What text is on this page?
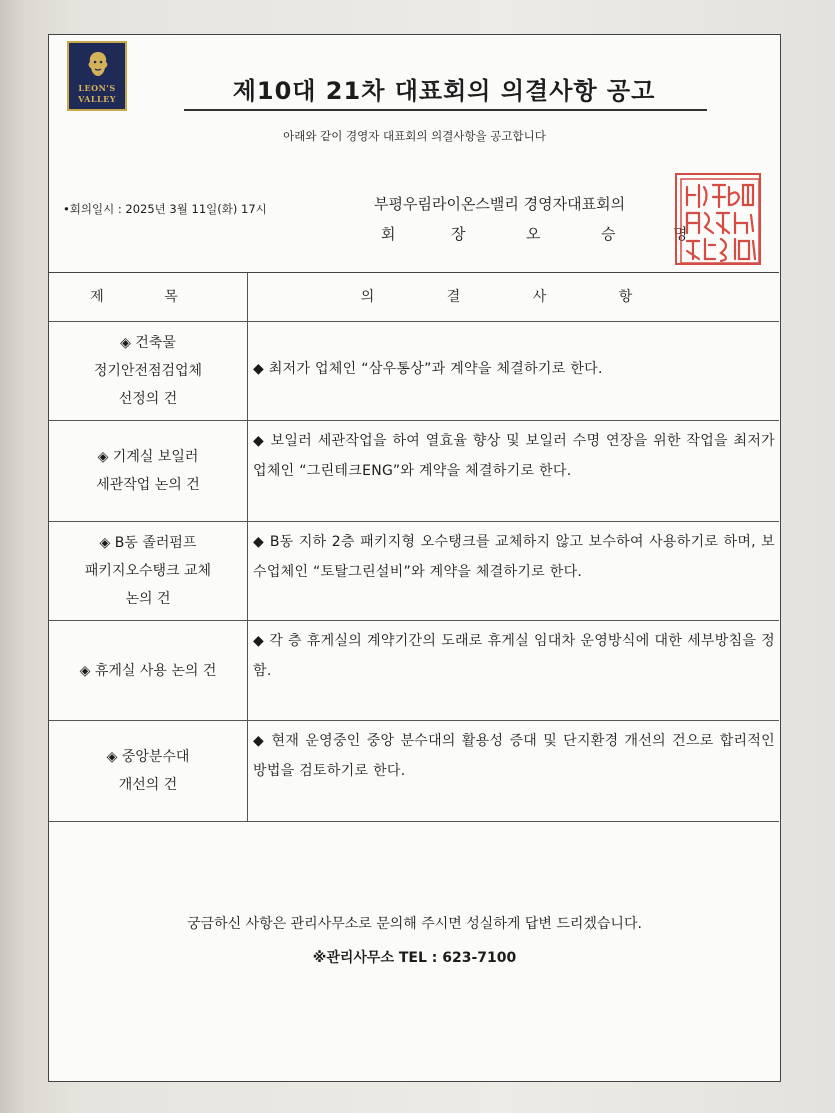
LEON'S
VALLEY	제10대 21차 대표회의 의결사항 공고
아래와 같이 경영자 대표회의 의결사항을 공고합니다
•회의일시 : 2025년 3월 11일(화) 17시	부평우림라이온스밸리 경영자대표회의
회	장	오	승	명
제 목	의 결 사 항
◈ 건축물
정기안전점검업체
선정의 건
◆ 최저가 업체인 “삼우통상”과 계약을 체결하기로 한다.
◈ 기계실 보일러
세관작업 논의 건
◆ 보일러 세관작업을 하여 열효율 향상 및 보일러 수명 연장을 위한 작업을 최저가 업체인 “그린테크ENG”와 계약을 체결하기로 한다.
◈ B동 졸러펌프
패키지오수탱크 교체
논의 건
◆ B동 지하 2층 패키지형 오수탱크를 교체하지 않고 보수하여 사용하기로 하며, 보수업체인 “토탈그린설비”와 계약을 체결하기로 한다.
◈ 휴게실 사용 논의 건
◆ 각 층 휴게실의 계약기간의 도래로 휴게실 임대차 운영방식에 대한 세부방침을 정함.
◈ 중앙분수대
개선의 건
◆ 현재 운영중인 중앙 분수대의 활용성 증대 및 단지환경 개선의 건으로 합리적인 방법을 검토하기로 한다.
궁금하신 사항은 관리사무소로 문의해 주시면 성실하게 답변 드리겠습니다.
※관리사무소 TEL : 623-7100
